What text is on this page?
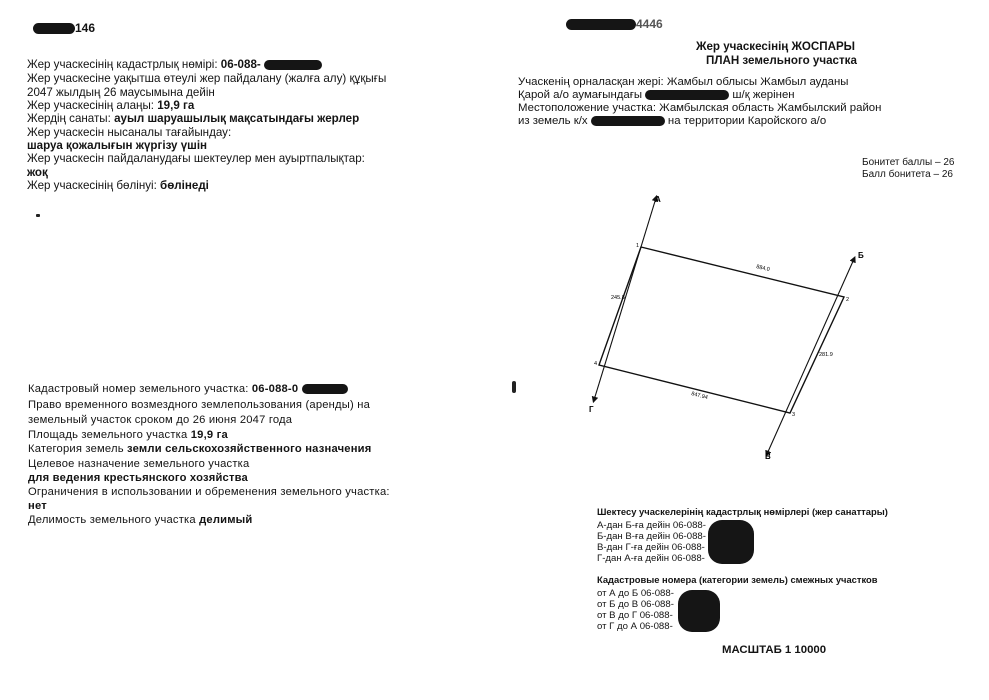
146
Жер учаскесінің кадастрлық нөмірі: 06-088-
Жер учаскесіне уақытша өтеулі жер пайдалану (жалға алу) құқығы
2047 жылдың 26 маусымына дейін
Жер учаскесінің алаңы: 19,9 га
Жердің санаты: ауыл шаруашылық мақсатындағы жерлер
Жер учаскесін нысаналы тағайындау:
шаруа қожалығын жүргізу үшін
Жер учаскесін пайдаланудағы шектеулер мен ауыртпалықтар:
жоқ
Жер учаскесінің бөлінуі: бөлінеді
Кадастровый номер земельного участка: 06-088-0
Право временного возмездного землепользования (аренды) на
земельный участок сроком до 26 июня 2047 года
Площадь земельного участка 19,9 га
Категория земель земли сельскохозяйственного назначения
Целевое назначение земельного участка
для ведения крестьянского хозяйства
Ограничения в использовании и обременения земельного участка:
нет
Делимость земельного участка делимый
4446
Жер учаскесінің ЖОСПАРЫ
ПЛАН земельного участка
Учаскенің орналасқан жері: Жамбыл облысы Жамбыл ауданы
Қарой а/о аумағындағы	ш/қ жерінен
Местоположение участка: Жамбылская область Жамбылский район
из земель к/х	на территории Каройского а/о
Бонитет баллы – 26
Балл бонитета – 26
А
Б
В
Г
1
2
3
4
884.0
281.9
847.94
245.8
Шектесу учаскелерінің кадастрлық нөмірлері (жер санаттары)
А-дан Б-ға дейін 06-088-
Б-дан В-ға дейін 06-088-
В-дан Г-ға дейін 06-088-
Г-дан А-ға дейін 06-088-
Кадастровые номера (категории земель) смежных участков
от А до Б 06-088-
от Б до В 06-088-
от В до Г 06-088-
от Г до А 06-088-
МАСШТАБ 1 10000
